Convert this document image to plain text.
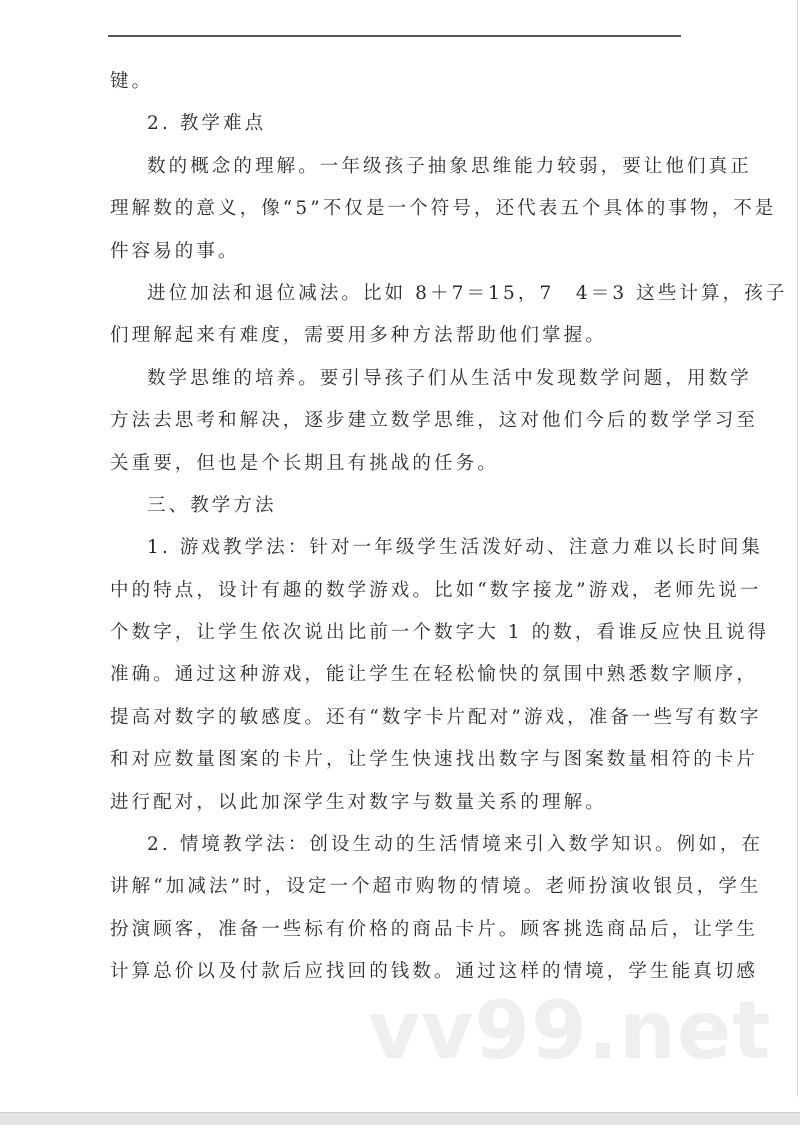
键。
2. 教学难点
数的概念的理解。一年级孩子抽象思维能力较弱，要让他们真正
理解数的意义，像“5”不仅是一个符号，还代表五个具体的事物，不是
件容易的事。
进位加法和退位减法。比如 8＋7＝15，7　4＝3 这些计算，孩子
们理解起来有难度，需要用多种方法帮助他们掌握。
数学思维的培养。要引导孩子们从生活中发现数学问题，用数学
方法去思考和解决，逐步建立数学思维，这对他们今后的数学学习至
关重要，但也是个长期且有挑战的任务。
三、教学方法
1. 游戏教学法：针对一年级学生活泼好动、注意力难以长时间集
中的特点，设计有趣的数学游戏。比如“数字接龙”游戏，老师先说一
个数字，让学生依次说出比前一个数字大 1 的数，看谁反应快且说得
准确。通过这种游戏，能让学生在轻松愉快的氛围中熟悉数字顺序，
提高对数字的敏感度。还有“数字卡片配对”游戏，准备一些写有数字
和对应数量图案的卡片，让学生快速找出数字与图案数量相符的卡片
进行配对，以此加深学生对数字与数量关系的理解。
2. 情境教学法：创设生动的生活情境来引入数学知识。例如，在
讲解“加减法”时，设定一个超市购物的情境。老师扮演收银员，学生
扮演顾客，准备一些标有价格的商品卡片。顾客挑选商品后，让学生
计算总价以及付款后应找回的钱数。通过这样的情境，学生能真切感
vv99.net
